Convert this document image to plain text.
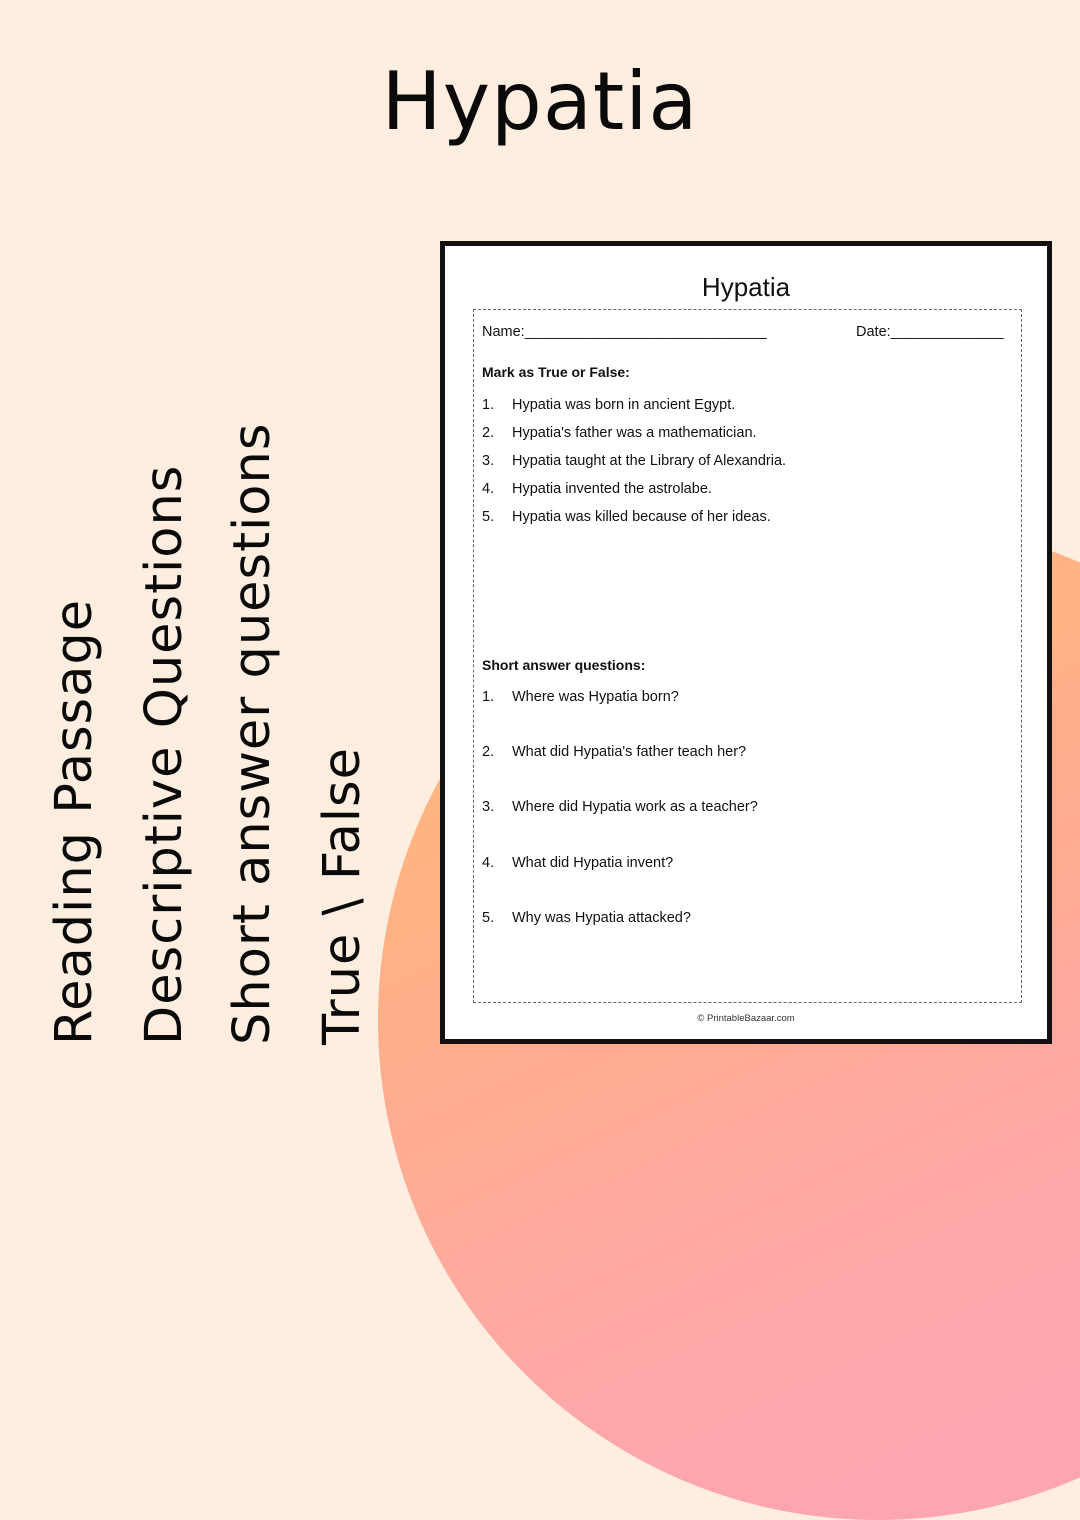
Hypatia
Reading Passage Descriptive Questions Short answer questions True \ False
Hypatia
Name:______________________________	Date:______________
Mark as True or False:
1. Hypatia was born in ancient Egypt.
2. Hypatia's father was a mathematician.
3. Hypatia taught at the Library of Alexandria.
4. Hypatia invented the astrolabe.
5. Hypatia was killed because of her ideas.
Short answer questions:
1. Where was Hypatia born?
2. What did Hypatia's father teach her?
3. Where did Hypatia work as a teacher?
4. What did Hypatia invent?
5. Why was Hypatia attacked?
© PrintableBazaar.com
